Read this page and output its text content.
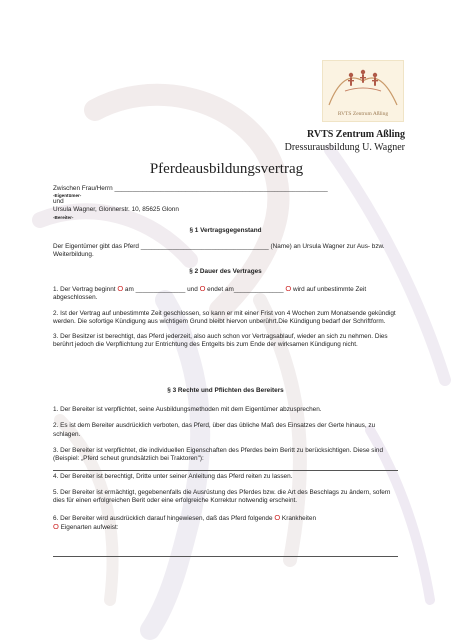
RVTS Zentrum Aßling
RVTS Zentrum Aßling
Dressurausbildung U. Wagner
Pferdeausbildungsvertrag

Zwischen Frau/Herrn ____________________________________________________________

-Eigentümer-

und

Ursula Wagner, Glonnerstr. 10, 85625 Glonn

-Bereiter-

§ 1 Vertragsgegenstand

Der Eigentümer gibt das Pferd ____________________________________ (Name) an Ursula Wagner zur Aus- bzw. Weiterbildung.

§ 2 Dauer des Vertrages

1. Der Vertrag beginnt O am ______________ und O endet am______________ O wird auf unbestimmte Zeit abgeschlossen.

2. Ist der Vertrag auf unbestimmte Zeit geschlossen, so kann er mit einer Frist von 4 Wochen zum Monatsende gekündigt werden. Die sofortige Kündigung aus wichtigem Grund bleibt hiervon unberührt.Die Kündigung bedarf der Schriftform.

3. Der Besitzer ist berechtigt, das Pferd jederzeit, also auch schon vor Vertragsablauf, wieder an sich zu nehmen. Dies berührt jedoch die Verpflichtung zur Entrichtung des Entgelts bis zum Ende der wirksamen Kündigung nicht.

§ 3 Rechte und Pflichten des Bereiters

1. Der Bereiter ist verpflichtet, seine Ausbildungsmethoden mit dem Eigentümer abzusprechen.

2. Es ist dem Bereiter ausdrücklich verboten, das Pferd, über das übliche Maß des Einsatzes der Gerte hinaus, zu schlagen.

3. Der Bereiter ist verpflichtet, die individuellen Eigenschaften des Pferdes beim Beritt zu berücksichtigen. Diese sind (Beispiel: „Pferd scheut grundsätzlich bei Traktoren"):

4. Der Bereiter ist berechtigt, Dritte unter seiner Anleitung das Pferd reiten zu lassen.

5. Der Bereiter ist ermächtigt, gegebenenfalls die Ausrüstung des Pferdes bzw. die Art des Beschlags zu ändern, sofern dies für einen erfolgreichen Berit oder eine erfolgreiche Korrektur notwendig erscheint.

6. Der Bereiter wird ausdrücklich darauf hingewiesen, daß das Pferd folgende O Krankheiten
O Eigenarten aufweist:
